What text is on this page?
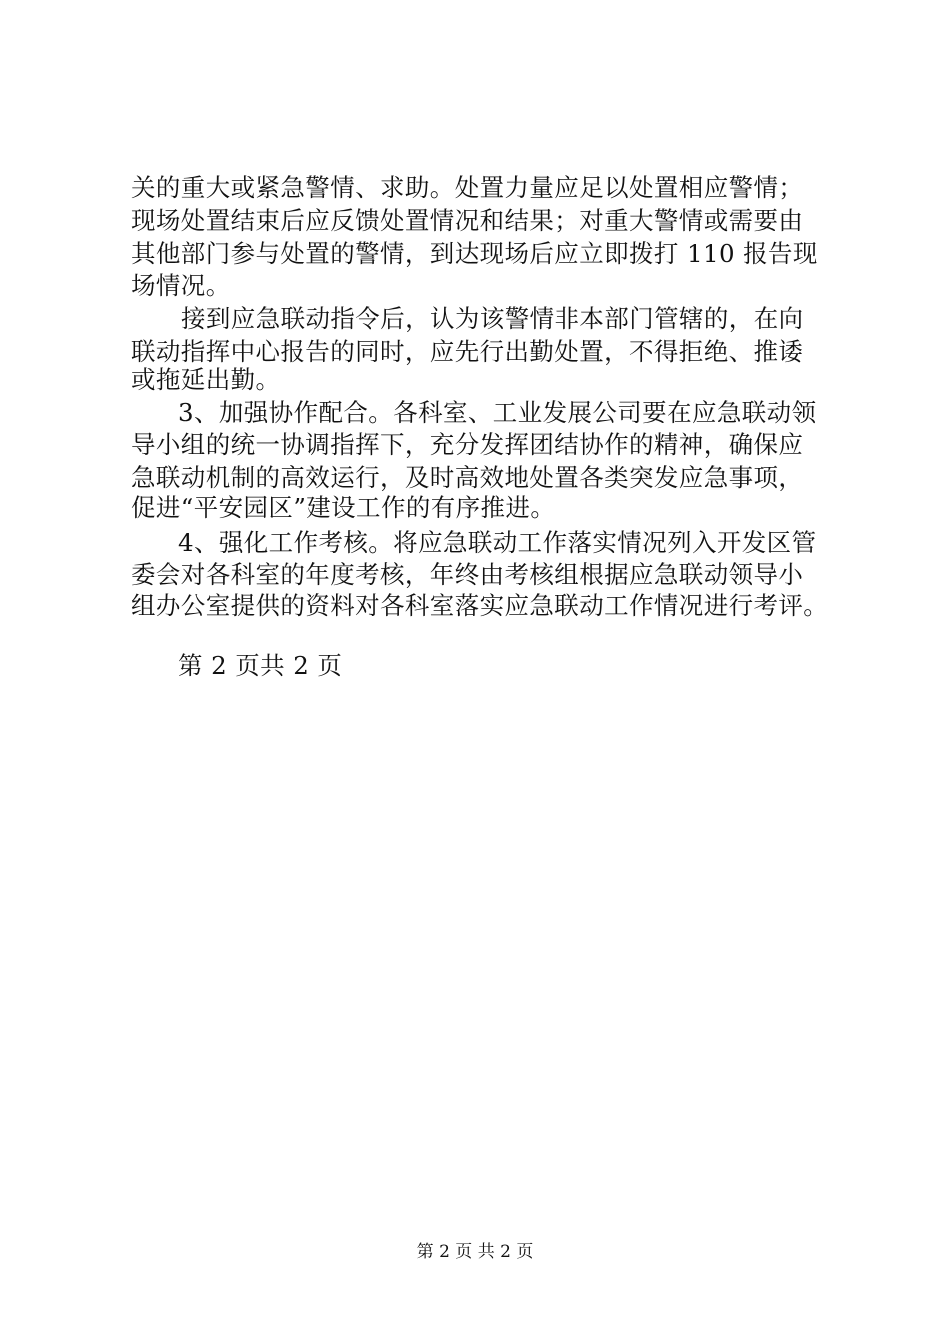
关的重大或紧急警情、求助。处置力量应足以处置相应警情；
现场处置结束后应反馈处置情况和结果；对重大警情或需要由
其他部门参与处置的警情，到达现场后应立即拨打 110 报告现
场情况。
接到应急联动指令后，认为该警情非本部门管辖的，在向
联动指挥中心报告的同时，应先行出勤处置，不得拒绝、推诿
或拖延出勤。
3、加强协作配合。各科室、工业发展公司要在应急联动领
导小组的统一协调指挥下，充分发挥团结协作的精神，确保应
急联动机制的高效运行，及时高效地处置各类突发应急事项，
促进“平安园区”建设工作的有序推进。
4、强化工作考核。将应急联动工作落实情况列入开发区管
委会对各科室的年度考核，年终由考核组根据应急联动领导小
组办公室提供的资料对各科室落实应急联动工作情况进行考评。
第 2 页共 2 页
第 2 页 共 2 页
